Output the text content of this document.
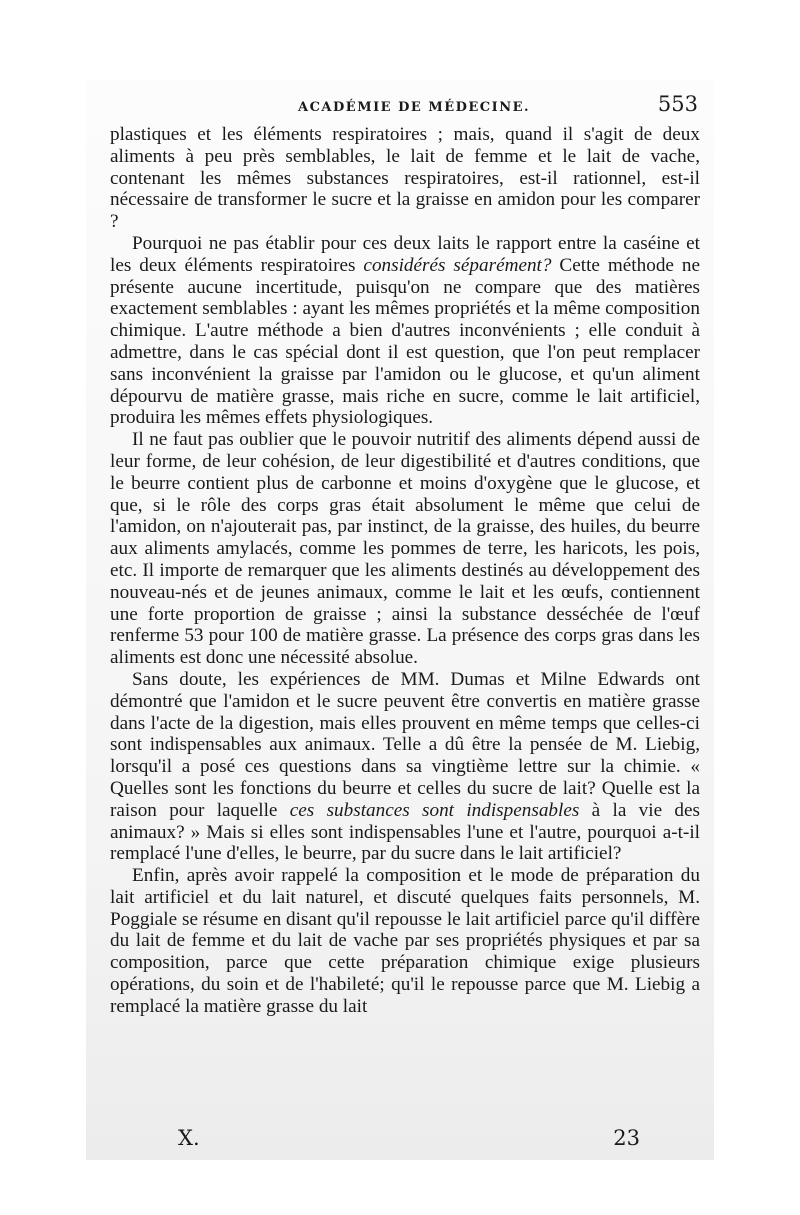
ACADÉMIE DE MÉDECINE.	553

plastiques et les éléments respiratoires ; mais, quand il s'agit de deux aliments à peu près semblables, le lait de femme et le lait de vache, contenant les mêmes substances respiratoires, est-il rationnel, est-il nécessaire de transformer le sucre et la graisse en amidon pour les comparer ?

Pourquoi ne pas établir pour ces deux laits le rapport entre la caséine et les deux éléments respiratoires considérés séparément? Cette méthode ne présente aucune incertitude, puisqu'on ne compare que des matières exactement semblables : ayant les mêmes propriétés et la même composition chimique. L'autre méthode a bien d'autres inconvénients ; elle conduit à admettre, dans le cas spécial dont il est question, que l'on peut remplacer sans inconvénient la graisse par l'amidon ou le glucose, et qu'un aliment dépourvu de matière grasse, mais riche en sucre, comme le lait artificiel, produira les mêmes effets physiologiques.

Il ne faut pas oublier que le pouvoir nutritif des aliments dépend aussi de leur forme, de leur cohésion, de leur digestibilité et d'autres conditions, que le beurre contient plus de carbonne et moins d'oxygène que le glucose, et que, si le rôle des corps gras était absolument le même que celui de l'amidon, on n'ajouterait pas, par instinct, de la graisse, des huiles, du beurre aux aliments amylacés, comme les pommes de terre, les haricots, les pois, etc. Il importe de remarquer que les aliments destinés au développement des nouveau-nés et de jeunes animaux, comme le lait et les œufs, contiennent une forte proportion de graisse ; ainsi la substance desséchée de l'œuf renferme 53 pour 100 de matière grasse. La présence des corps gras dans les aliments est donc une nécessité absolue.

Sans doute, les expériences de MM. Dumas et Milne Edwards ont démontré que l'amidon et le sucre peuvent être convertis en matière grasse dans l'acte de la digestion, mais elles prouvent en même temps que celles-ci sont indispensables aux animaux. Telle a dû être la pensée de M. Liebig, lorsqu'il a posé ces questions dans sa vingtième lettre sur la chimie. « Quelles sont les fonctions du beurre et celles du sucre de lait? Quelle est la raison pour laquelle ces substances sont indispensables à la vie des animaux? » Mais si elles sont indispensables l'une et l'autre, pourquoi a-t-il remplacé l'une d'elles, le beurre, par du sucre dans le lait artificiel?

Enfin, après avoir rappelé la composition et le mode de préparation du lait artificiel et du lait naturel, et discuté quelques faits personnels, M. Poggiale se résume en disant qu'il repousse le lait artificiel parce qu'il diffère du lait de femme et du lait de vache par ses propriétés physiques et par sa composition, parce que cette préparation chimique exige plusieurs opérations, du soin et de l'habileté; qu'il le repousse parce que M. Liebig a remplacé la matière grasse du lait

X.	23
